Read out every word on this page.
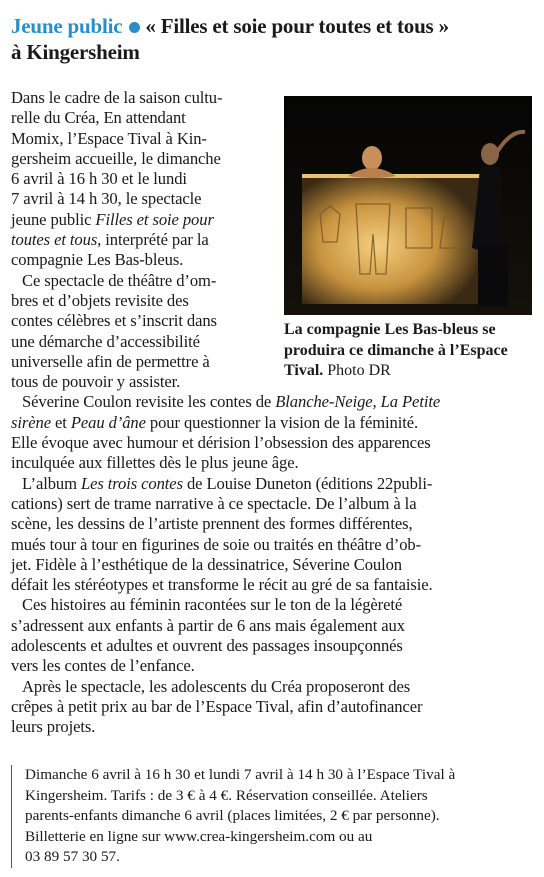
Jeune public « Filles et soie pour toutes et tous »
à Kingersheim
La compagnie Les Bas-bleus se produira ce dimanche à l’Espace Tival. Photo DR
Dans le cadre de la saison cultu-
relle du Créa, En attendant
Momix, l’Espace Tival à Kin-
gersheim accueille, le dimanche
6 avril à 16 h 30 et le lundi
7 avril à 14 h 30, le spectacle
jeune public Filles et soie pour
toutes et tous, interprété par la
compagnie Les Bas-bleus.
Ce spectacle de théâtre d’om-
bres et d’objets revisite des
contes célèbres et s’inscrit dans
une démarche d’accessibilité
universelle afin de permettre à
tous de pouvoir y assister.
Séverine Coulon revisite les contes de Blanche-Neige, La Petite
sirène et Peau d’âne pour questionner la vision de la féminité.
Elle évoque avec humour et dérision l’obsession des apparences
inculquée aux fillettes dès le plus jeune âge.
L’album Les trois contes de Louise Duneton (éditions 22publi-
cations) sert de trame narrative à ce spectacle. De l’album à la
scène, les dessins de l’artiste prennent des formes différentes,
mués tour à tour en figurines de soie ou traités en théâtre d’ob-
jet. Fidèle à l’esthétique de la dessinatrice, Séverine Coulon
défait les stéréotypes et transforme le récit au gré de sa fantaisie.
Ces histoires au féminin racontées sur le ton de la légèreté
s’adressent aux enfants à partir de 6 ans mais également aux
adolescents et adultes et ouvrent des passages insoupçonnés
vers les contes de l’enfance.
Après le spectacle, les adolescents du Créa proposeront des
crêpes à petit prix au bar de l’Espace Tival, afin d’autofinancer
leurs projets.
Dimanche 6 avril à 16 h 30 et lundi 7 avril à 14 h 30 à l’Espace Tival à
Kingersheim. Tarifs : de 3 € à 4 €. Réservation conseillée. Ateliers
parents-enfants dimanche 6 avril (places limitées, 2 € par personne).
Billetterie en ligne sur www.crea-kingersheim.com ou au
03 89 57 30 57.
